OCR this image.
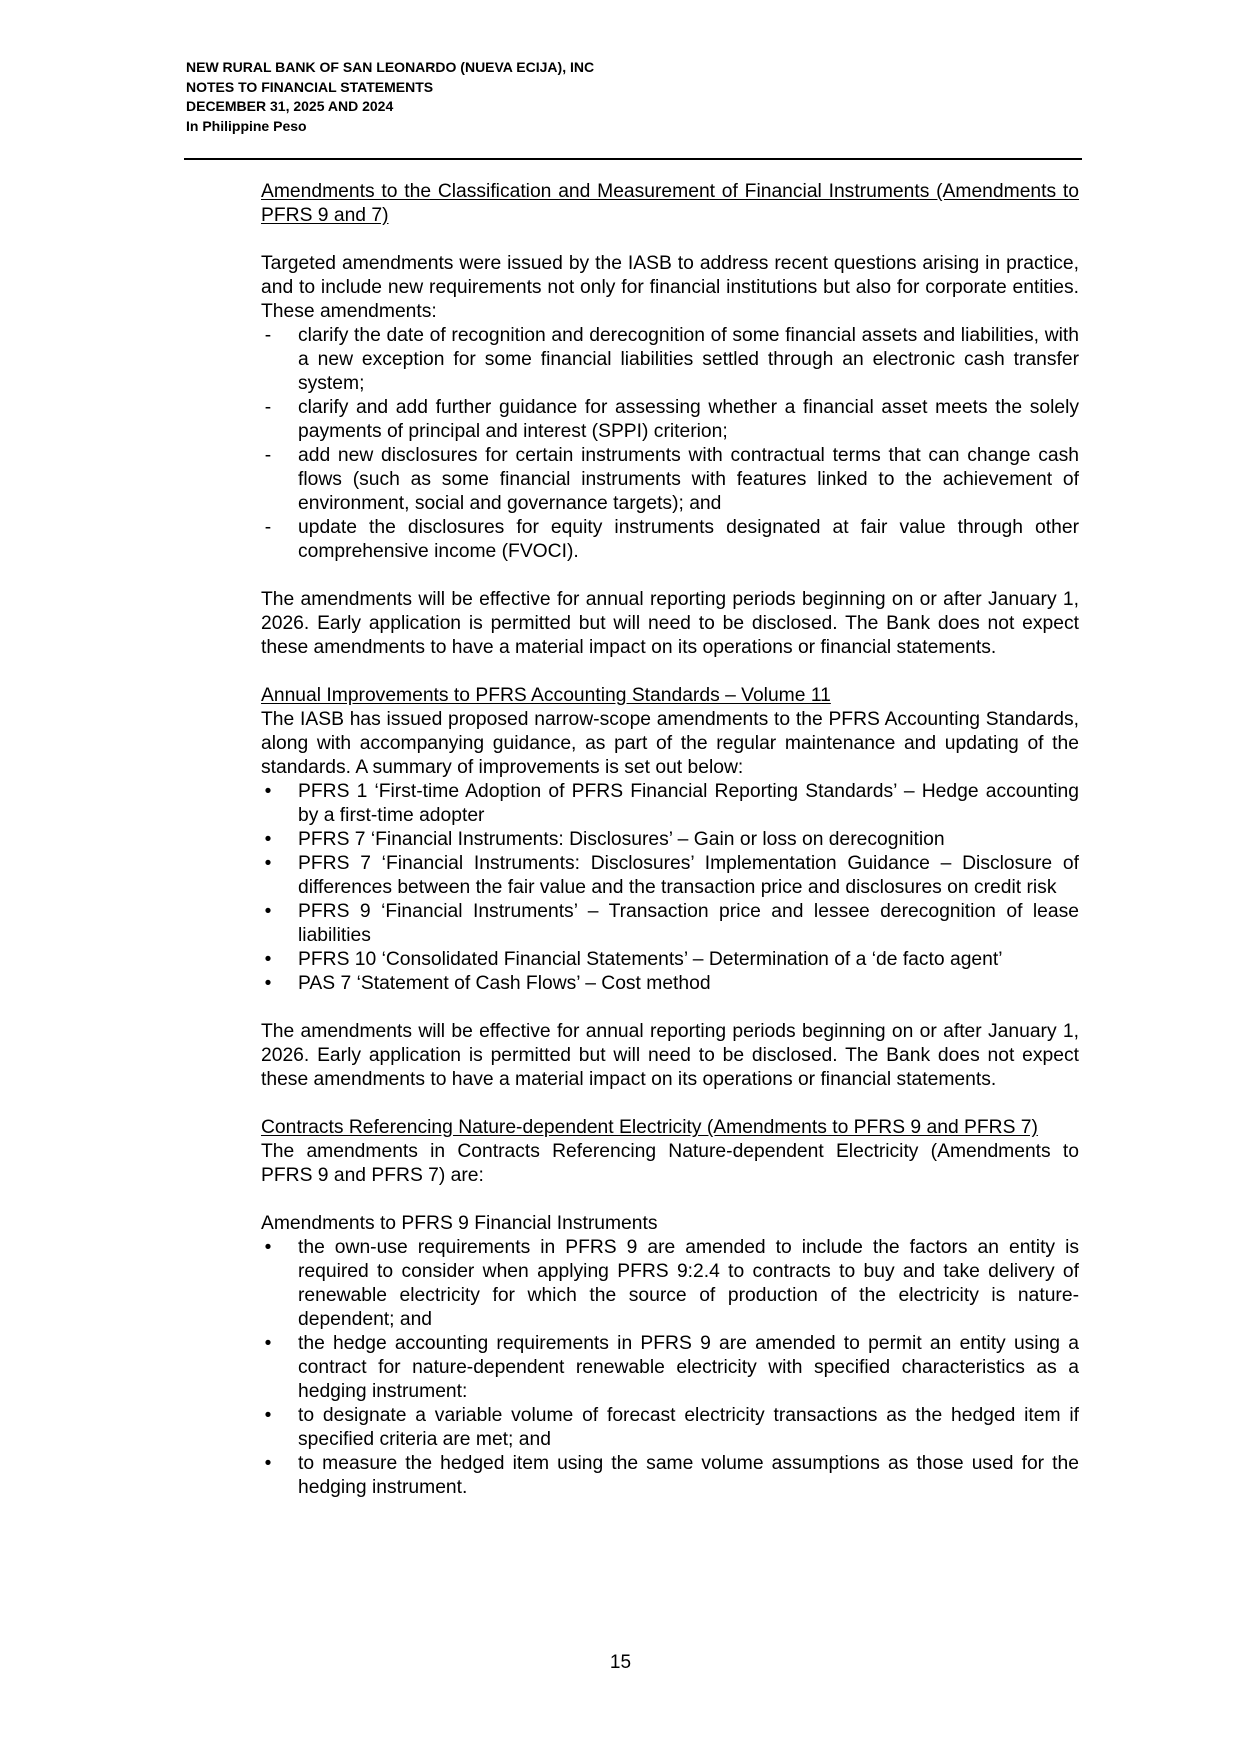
NEW RURAL BANK OF SAN LEONARDO (NUEVA ECIJA), INC
NOTES TO FINANCIAL STATEMENTS
DECEMBER 31, 2025 AND 2024
In Philippine Peso

Amendments to the Classification and Measurement of Financial Instruments (Amendments to PFRS 9 and 7)

Targeted amendments were issued by the IASB to address recent questions arising in practice, and to include new requirements not only for financial institutions but also for corporate entities. These amendments:

- clarify the date of recognition and derecognition of some financial assets and liabilities, with a new exception for some financial liabilities settled through an electronic cash transfer system;
- clarify and add further guidance for assessing whether a financial asset meets the solely payments of principal and interest (SPPI) criterion;
- add new disclosures for certain instruments with contractual terms that can change cash flows (such as some financial instruments with features linked to the achievement of environment, social and governance targets); and
- update the disclosures for equity instruments designated at fair value through other comprehensive income (FVOCI).

The amendments will be effective for annual reporting periods beginning on or after January 1, 2026. Early application is permitted but will need to be disclosed. The Bank does not expect these amendments to have a material impact on its operations or financial statements.

Annual Improvements to PFRS Accounting Standards – Volume 11

The IASB has issued proposed narrow-scope amendments to the PFRS Accounting Standards, along with accompanying guidance, as part of the regular maintenance and updating of the standards. A summary of improvements is set out below:

• PFRS 1 ‘First-time Adoption of PFRS Financial Reporting Standards’ – Hedge accounting by a first-time adopter
• PFRS 7 ‘Financial Instruments: Disclosures’ – Gain or loss on derecognition
• PFRS 7 ‘Financial Instruments: Disclosures’ Implementation Guidance – Disclosure of differences between the fair value and the transaction price and disclosures on credit risk
• PFRS 9 ‘Financial Instruments’ – Transaction price and lessee derecognition of lease liabilities
• PFRS 10 ‘Consolidated Financial Statements’ – Determination of a ‘de facto agent’
• PAS 7 ‘Statement of Cash Flows’ – Cost method

The amendments will be effective for annual reporting periods beginning on or after January 1, 2026. Early application is permitted but will need to be disclosed. The Bank does not expect these amendments to have a material impact on its operations or financial statements.

Contracts Referencing Nature-dependent Electricity (Amendments to PFRS 9 and PFRS 7)

The amendments in Contracts Referencing Nature-dependent Electricity (Amendments to PFRS 9 and PFRS 7) are:

Amendments to PFRS 9 Financial Instruments

• the own-use requirements in PFRS 9 are amended to include the factors an entity is required to consider when applying PFRS 9:2.4 to contracts to buy and take delivery of renewable electricity for which the source of production of the electricity is nature-dependent; and
• the hedge accounting requirements in PFRS 9 are amended to permit an entity using a contract for nature-dependent renewable electricity with specified characteristics as a hedging instrument:
• to designate a variable volume of forecast electricity transactions as the hedged item if specified criteria are met; and
• to measure the hedged item using the same volume assumptions as those used for the hedging instrument.
15
